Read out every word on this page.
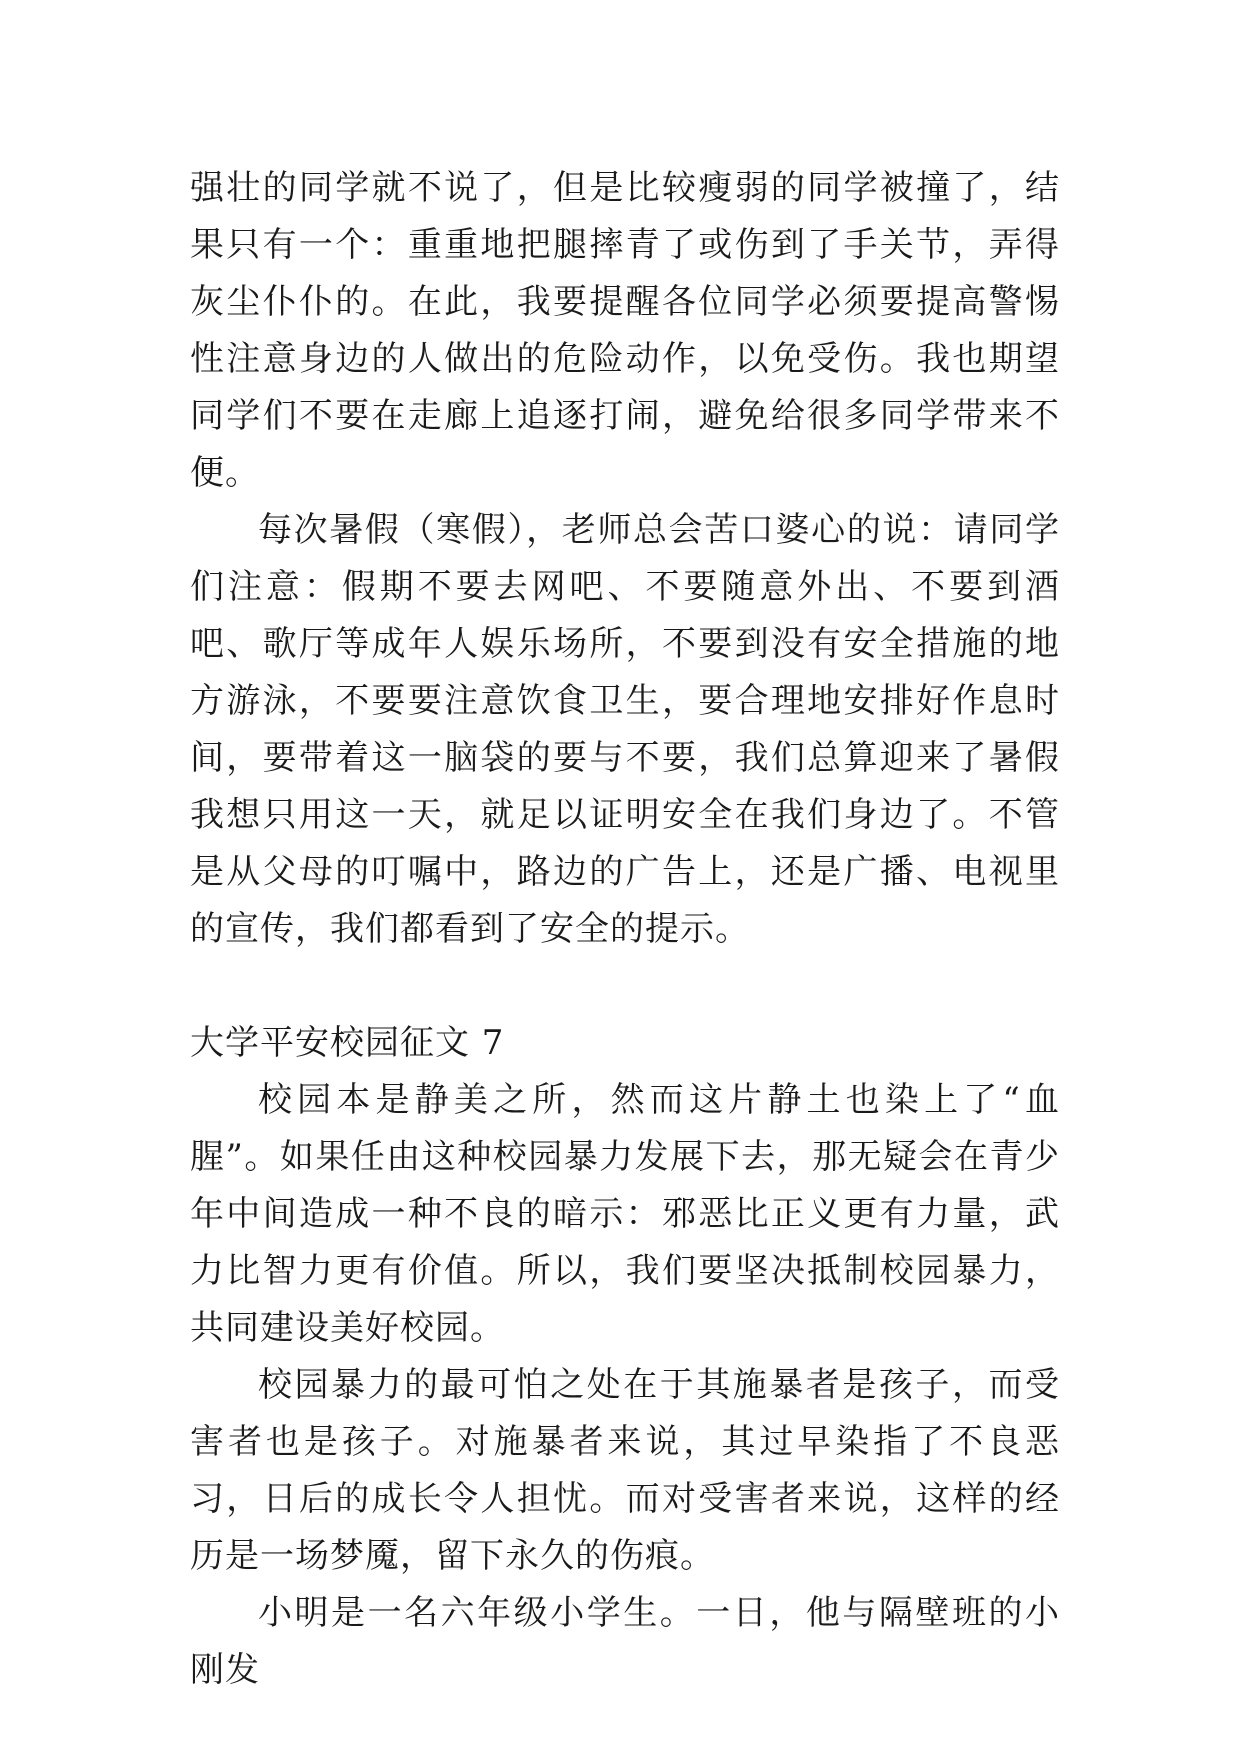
强壮的同学就不说了，但是比较瘦弱的同学被撞了，结果只有一个：重重地把腿摔青了或伤到了手关节，弄得灰尘仆仆的。在此，我要提醒各位同学必须要提高警惕性注意身边的人做出的危险动作，以免受伤。我也期望同学们不要在走廊上追逐打闹，避免给很多同学带来不便。

每次暑假（寒假），老师总会苦口婆心的说：请同学们注意：假期不要去网吧、不要随意外出、不要到酒吧、歌厅等成年人娱乐场所，不要到没有安全措施的地方游泳，不要要注意饮食卫生，要合理地安排好作息时间，要带着这一脑袋的要与不要，我们总算迎来了暑假我想只用这一天，就足以证明安全在我们身边了。不管是从父母的叮嘱中，路边的广告上，还是广播、电视里的宣传，我们都看到了安全的提示。

大学平安校园征文 7

校园本是静美之所，然而这片静土也染上了“血腥”。如果任由这种校园暴力发展下去，那无疑会在青少年中间造成一种不良的暗示：邪恶比正义更有力量，武力比智力更有价值。所以，我们要坚决抵制校园暴力，共同建设美好校园。

校园暴力的最可怕之处在于其施暴者是孩子，而受害者也是孩子。对施暴者来说，其过早染指了不良恶习，日后的成长令人担忧。而对受害者来说，这样的经历是一场梦魇，留下永久的伤痕。

小明是一名六年级小学生。一日，他与隔壁班的小刚发
